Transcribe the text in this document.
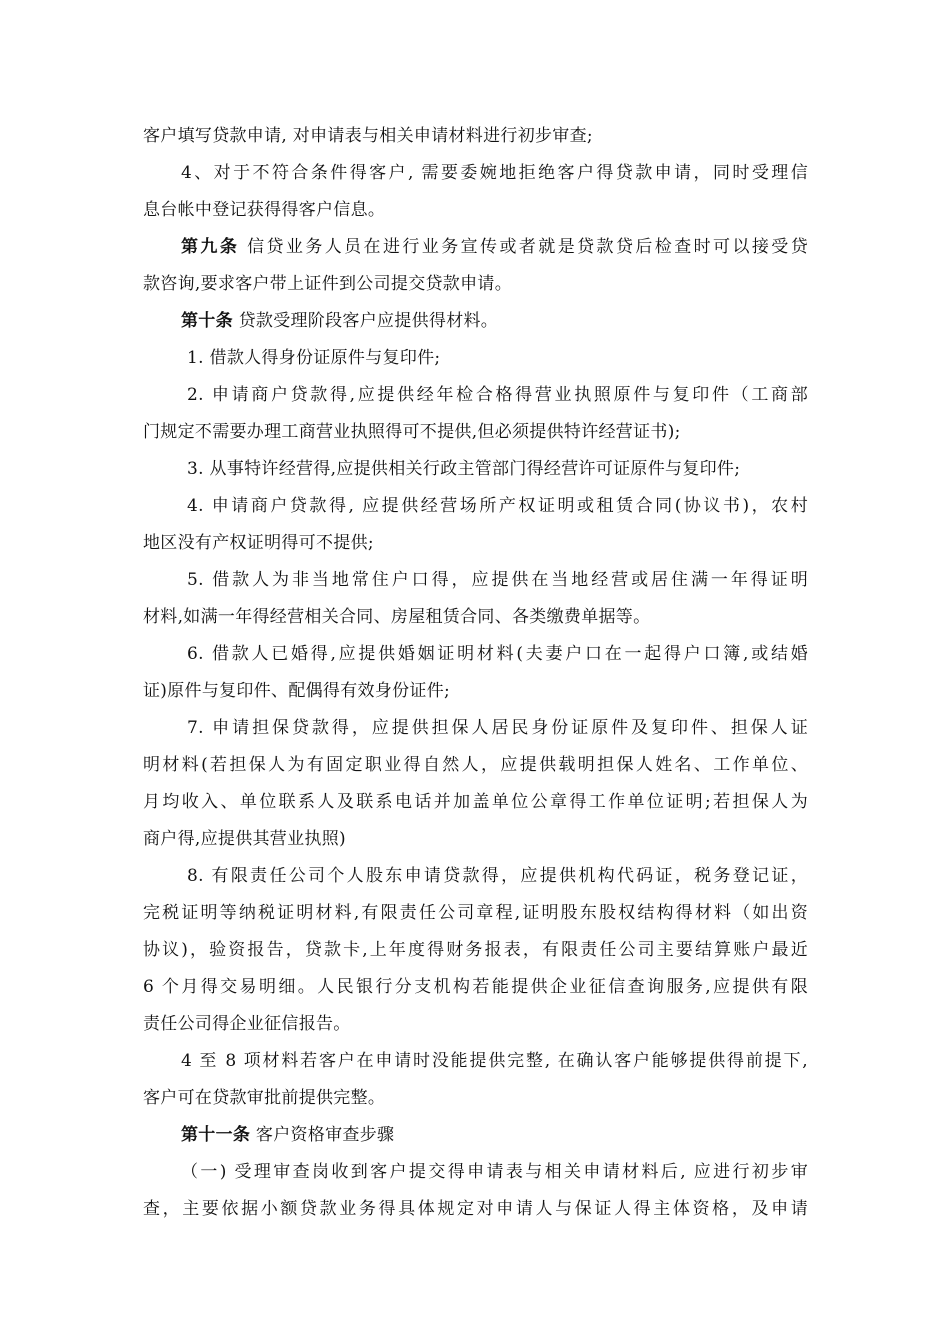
客户填写贷款申请, 对申请表与相关申请材料进行初步审查;
4、对于不符合条件得客户, 需要委婉地拒绝客户得贷款申请，同时受理信
息台帐中登记获得得客户信息。
第九条 信贷业务人员在进行业务宣传或者就是贷款贷后检查时可以接受贷
款咨询,要求客户带上证件到公司提交贷款申请。
第十条 贷款受理阶段客户应提供得材料。
1. 借款人得身份证原件与复印件;
2. 申请商户贷款得,应提供经年检合格得营业执照原件与复印件（工商部
门规定不需要办理工商营业执照得可不提供,但必须提供特许经营证书);
3. 从事特许经营得,应提供相关行政主管部门得经营许可证原件与复印件;
4. 申请商户贷款得, 应提供经营场所产权证明或租赁合同(协议书)，农村
地区没有产权证明得可不提供;
5. 借款人为非当地常住户口得，应提供在当地经营或居住满一年得证明
材料,如满一年得经营相关合同、房屋租赁合同、各类缴费单据等。
6. 借款人已婚得,应提供婚姻证明材料(夫妻户口在一起得户口簿,或结婚
证)原件与复印件、配偶得有效身份证件;
7. 申请担保贷款得，应提供担保人居民身份证原件及复印件、担保人证
明材料(若担保人为有固定职业得自然人，应提供载明担保人姓名、工作单位、
月均收入、单位联系人及联系电话并加盖单位公章得工作单位证明;若担保人为
商户得,应提供其营业执照)
8. 有限责任公司个人股东申请贷款得，应提供机构代码证，税务登记证，
完税证明等纳税证明材料,有限责任公司章程,证明股东股权结构得材料（如出资
协议)，验资报告，贷款卡,上年度得财务报表，有限责任公司主要结算账户最近
6 个月得交易明细。人民银行分支机构若能提供企业征信查询服务,应提供有限
责任公司得企业征信报告。
4 至 8 项材料若客户在申请时没能提供完整, 在确认客户能够提供得前提下,
客户可在贷款审批前提供完整。
第十一条 客户资格审查步骤
（一) 受理审查岗收到客户提交得申请表与相关申请材料后, 应进行初步审
查，主要依据小额贷款业务得具体规定对申请人与保证人得主体资格，及申请
